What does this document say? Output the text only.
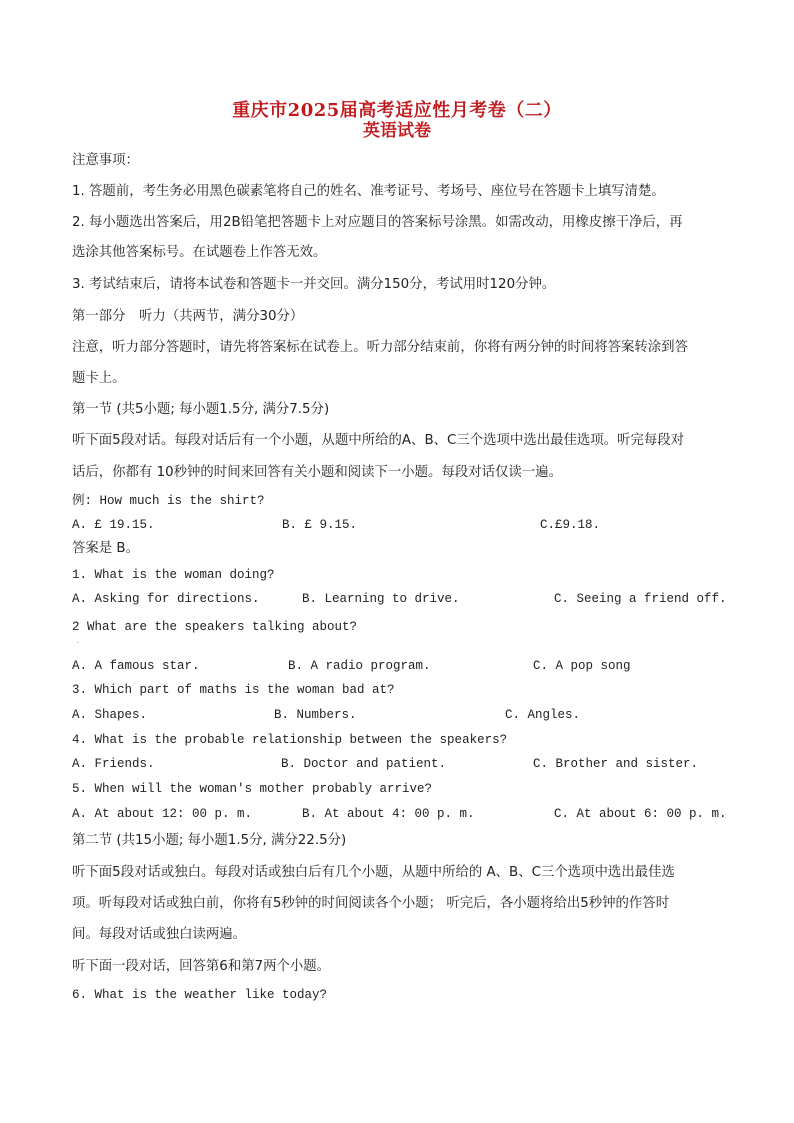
重庆市2025届高考适应性月考卷（二）
英语试卷
注意事项：
1. 答题前，考生务必用黑色碳素笔将自己的姓名、准考证号、考场号、座位号在答题卡上填写清楚。
2. 每小题选出答案后，用2B铅笔把答题卡上对应题目的答案标号涂黑。如需改动，用橡皮擦干净后，再
选涂其他答案标号。在试题卷上作答无效。
3. 考试结束后，请将本试卷和答题卡一并交回。满分150分，考试用时120分钟。
第一部分　听力（共两节，满分30分）
注意，听力部分答题时，请先将答案标在试卷上。听力部分结束前，你将有两分钟的时间将答案转涂到答
题卡上。
第一节 (共5小题; 每小题1.5分, 满分7.5分)
听下面5段对话。每段对话后有一个小题，从题中所给的A、B、C三个选项中选出最佳选项。听完每段对
话后，你都有 10秒钟的时间来回答有关小题和阅读下一小题。每段对话仅读一遍。
例: How much is the shirt?
A. £ 19.15.	B. £ 9.15.	C.£9.18.
答案是 B。
1. What is the woman doing?
A. Asking for directions.	B. Learning to drive.	C. Seeing a friend off.
2 What are the speakers talking about?
·
A. A famous star.	B. A radio program.	C. A pop song
3. Which part of maths is the woman bad at?
A. Shapes.	B. Numbers.	C. Angles.
4. What is the probable relationship between the speakers?
A. Friends.	B. Doctor and patient.	C. Brother and sister.
5. When will the woman's mother probably arrive?
A. At about 12: 00 p. m.	B. At about 4: 00 p. m.	C. At about 6: 00 p. m.
第二节 (共15小题; 每小题1.5分, 满分22.5分)
听下面5段对话或独白。每段对话或独白后有几个小题，从题中所给的 A、B、C三个选项中选出最佳选
项。听每段对话或独白前，你将有5秒钟的时间阅读各个小题； 听完后，各小题将给出5秒钟的作答时
间。每段对话或独白读两遍。
听下面一段对话，回答第6和第7两个小题。
6. What is the weather like today?
